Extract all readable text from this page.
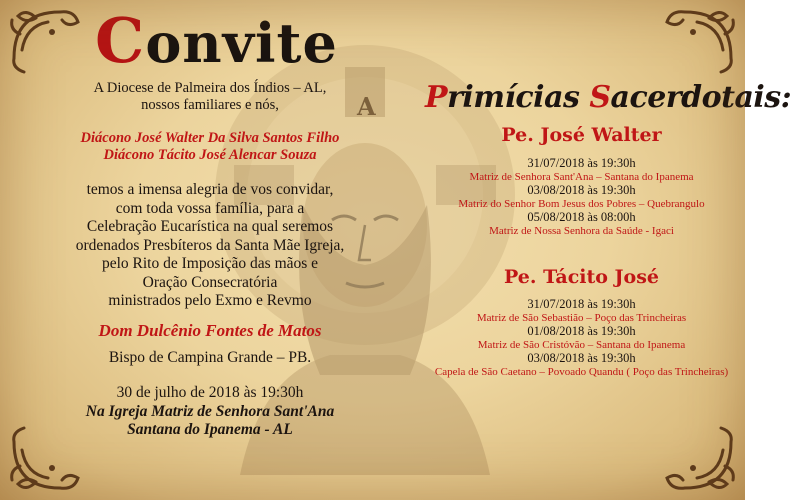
A
Convite
A Diocese de Palmeira dos Índios – AL,
nossos familiares e nós,
Diácono José Walter Da Silva Santos Filho
Diácono Tácito José Alencar Souza
temos a imensa alegria de vos convidar,
com toda vossa família, para a
Celebração Eucarística na qual seremos
ordenados Presbíteros da Santa Mãe Igreja,
pelo Rito de Imposição das mãos e
Oração Consecratória
ministrados pelo Exmo e Revmo
Dom Dulcênio Fontes de Matos
Bispo de Campina Grande – PB.
30 de julho de 2018 às 19:30h
Na Igreja Matriz de Senhora Sant'Ana
Santana do Ipanema - AL
Primícias Sacerdotais:
Pe. José Walter
31/07/2018 às 19:30h
Matriz de Senhora Sant'Ana – Santana do Ipanema
03/08/2018 às 19:30h
Matriz do Senhor Bom Jesus dos Pobres – Quebrangulo
05/08/2018 às 08:00h
Matriz de Nossa Senhora da Saúde - Igaci
Pe. Tácito José
31/07/2018 às 19:30h
Matriz de São Sebastião – Poço das Trincheiras
01/08/2018 às 19:30h
Matriz de São Cristóvão – Santana do Ipanema
03/08/2018 às 19:30h
Capela de São Caetano – Povoado Quandu ( Poço das Trincheiras)
